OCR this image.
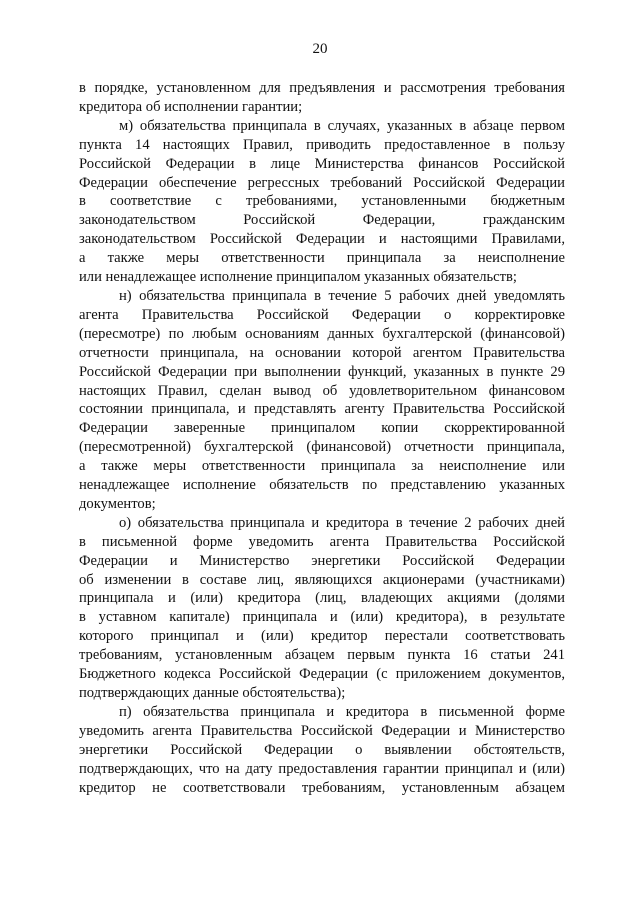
20
в порядке, установленном для предъявления и рассмотрения требования
кредитора об исполнении гарантии;
м) обязательства принципала в случаях, указанных в абзаце первом
пункта 14 настоящих Правил, приводить предоставленное в пользу
Российской Федерации в лице Министерства финансов Российской
Федерации обеспечение регрессных требований Российской Федерации
в соответствие с требованиями, установленными бюджетным
законодательством Российской Федерации, гражданским
законодательством Российской Федерации и настоящими Правилами,
а также меры ответственности принципала за неисполнение
или ненадлежащее исполнение принципалом указанных обязательств;
н) обязательства принципала в течение 5 рабочих дней уведомлять
агента Правительства Российской Федерации о корректировке
(пересмотре) по любым основаниям данных бухгалтерской (финансовой)
отчетности принципала, на основании которой агентом Правительства
Российской Федерации при выполнении функций, указанных в пункте 29
настоящих Правил, сделан вывод об удовлетворительном финансовом
состоянии принципала, и представлять агенту Правительства Российской
Федерации заверенные принципалом копии скорректированной
(пересмотренной) бухгалтерской (финансовой) отчетности принципала,
а также меры ответственности принципала за неисполнение или
ненадлежащее исполнение обязательств по представлению указанных
документов;
о) обязательства принципала и кредитора в течение 2 рабочих дней
в письменной форме уведомить агента Правительства Российской
Федерации и Министерство энергетики Российской Федерации
об изменении в составе лиц, являющихся акционерами (участниками)
принципала и (или) кредитора (лиц, владеющих акциями (долями
в уставном капитале) принципала и (или) кредитора), в результате
которого принципал и (или) кредитор перестали соответствовать
требованиям, установленным абзацем первым пункта 16 статьи 241
Бюджетного кодекса Российской Федерации (с приложением документов,
подтверждающих данные обстоятельства);
п) обязательства принципала и кредитора в письменной форме
уведомить агента Правительства Российской Федерации и Министерство
энергетики Российской Федерации о выявлении обстоятельств,
подтверждающих, что на дату предоставления гарантии принципал и (или)
кредитор не соответствовали требованиям, установленным абзацем
